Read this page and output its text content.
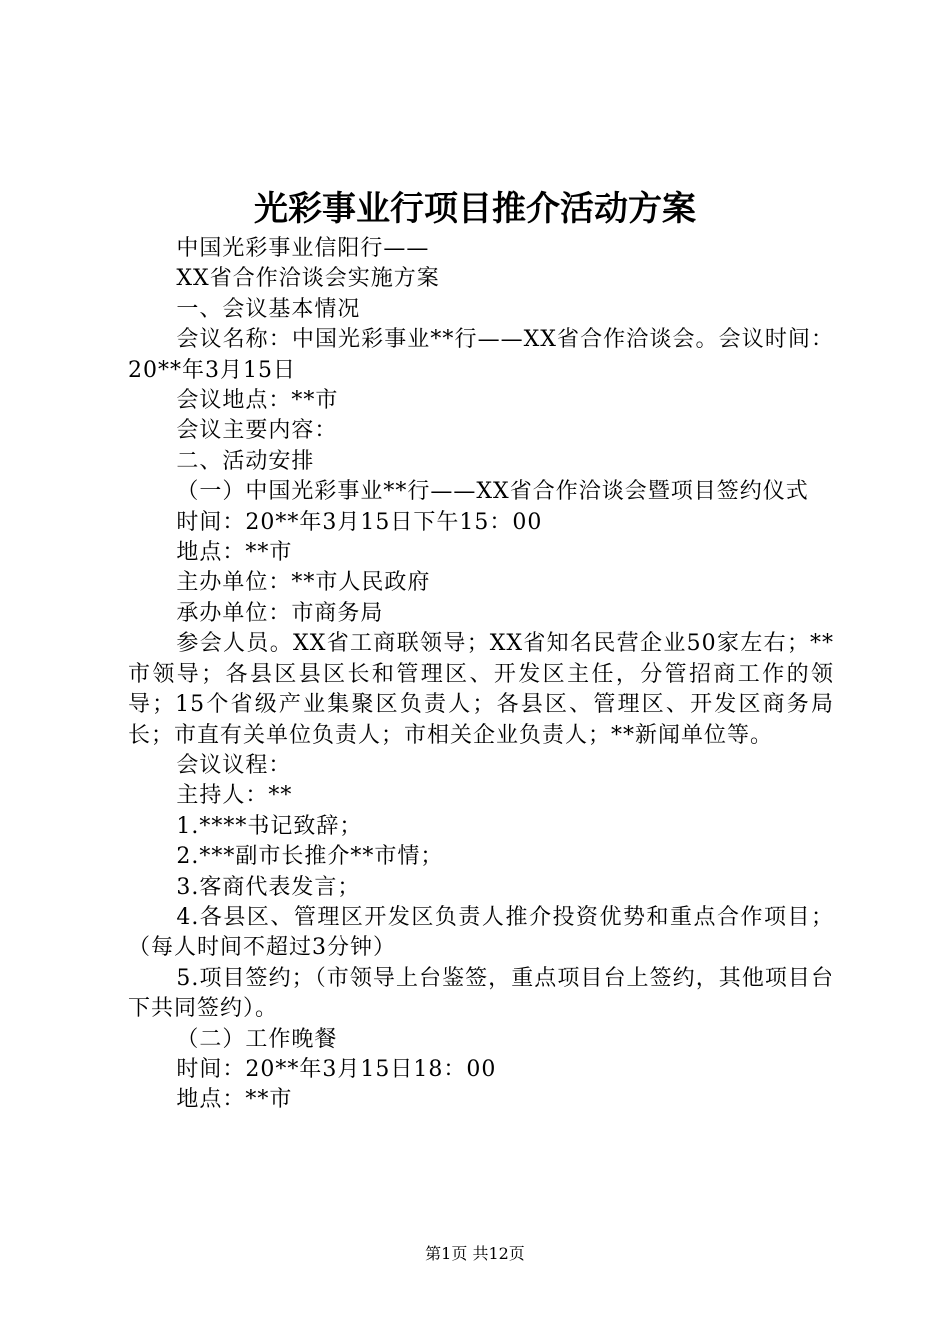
光彩事业行项目推介活动方案

中国光彩事业信阳行——

XX省合作洽谈会实施方案

一、会议基本情况

会议名称：中国光彩事业**行——XX省合作洽谈会。会议时间：20**年3月15日

会议地点：**市

会议主要内容：

二、活动安排

（一）中国光彩事业**行——XX省合作洽谈会暨项目签约仪式

时间：20**年3月15日下午15：00

地点：**市

主办单位：**市人民政府

承办单位：市商务局

参会人员。XX省工商联领导；XX省知名民营企业50家左右；**市领导；各县区县区长和管理区、开发区主任，分管招商工作的领导；15个省级产业集聚区负责人；各县区、管理区、开发区商务局长；市直有关单位负责人；市相关企业负责人；**新闻单位等。

会议议程：

主持人：**

1.****书记致辞；

2.***副市长推介**市情；

3.客商代表发言；

4.各县区、管理区开发区负责人推介投资优势和重点合作项目；（每人时间不超过3分钟）

5.项目签约；（市领导上台鉴签，重点项目台上签约，其他项目台下共同签约）。

（二）工作晚餐

时间：20**年3月15日18：00

地点：**市

第1页 共12页
